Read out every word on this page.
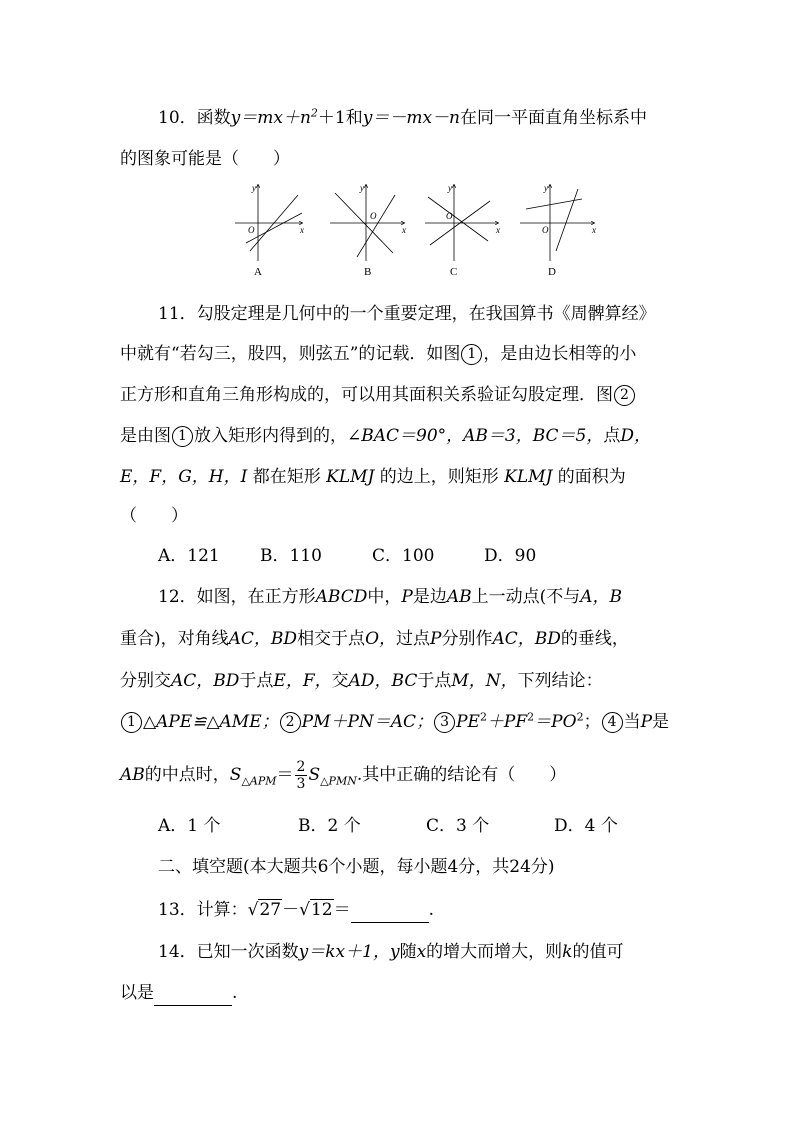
10．函数$y=mx+n^2+1$和y＝－mx－n在同一平面直角坐标系中
的图象可能是（　　）
y
x
O
A
y
x
O
B
y
x
O
C
y
x
O
D
11．勾股定理是几何中的一个重要定理，在我国算书《周髀算经》
中就有“若勾三，股四，则弦五”的记载．如图 1 ，是由边长相等的小
正方形和直角三角形构成的，可以用其面积关系验证勾股定理．图 2
是由图 1 放入矩形内得到的，∠BAC＝90°，AB＝3，BC＝5，点D，
E，F，G，H，I 都在矩形 KLMJ 的边上，则矩形 KLMJ 的面积为
（　　）
A．121 B．110	C．100	D．90
12．如图，在正方形ABCD中，P是边AB上一动点(不与A，B
重合)，对角线AC，BD相交于点O，过点P分别作AC，BD的垂线，
分别交AC，BD于点E，F，交AD，BC于点M，N，下列结论：
1 △APE≌△AME； 2 PM＋PN＝AC； 3 $PE^2+PF^2=PO^2$； 4 当P是
AB的中点时，$S_{\triangle APM}= \frac{2}{3} S_{\triangle PMN}$.其中正确的结论有（　　）
A．1 个	B．2 个	C．3 个	D．4 个
二、填空题(本大题共6个小题，每小题4分，共24分)
13．计算：√27－√12＝	.
14．已知一次函数y＝kx＋1，y随x的增大而增大，则k的值可
以是	.
